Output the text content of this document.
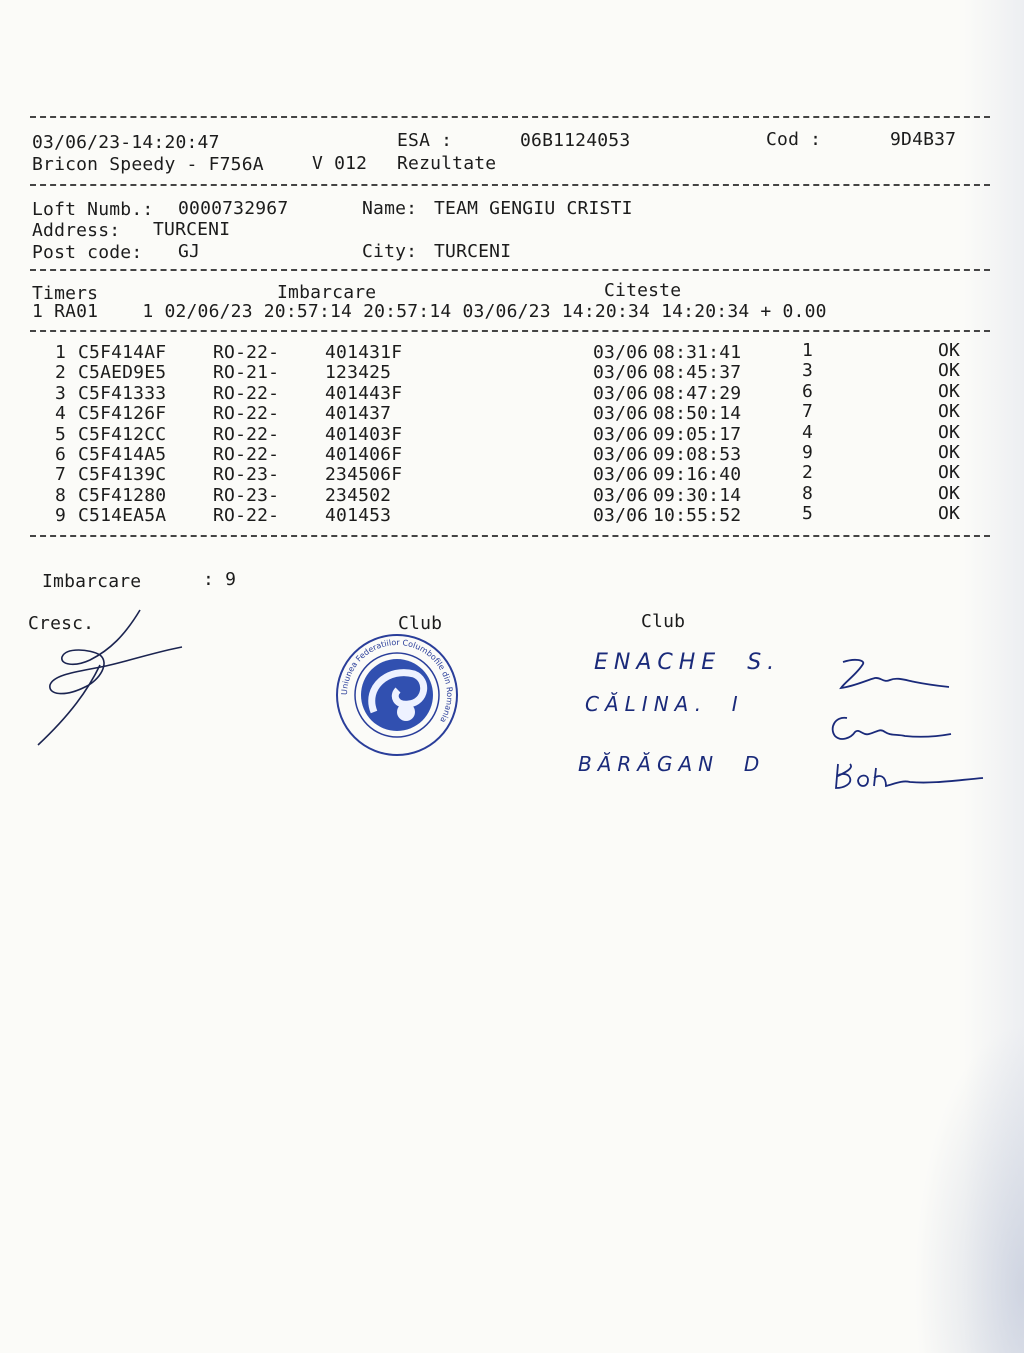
03/06/23-14:20:47	ESA :	06B1124053	Cod :	9D4B37
Bricon Speedy - F756A	V 012 Rezultate
Loft Numb.: 0000732967	Name: TEAM GENGIU CRISTI
Address: TURCENI
Post code: GJ	City: TURCENI
Timers	Imbarcare	Citeste
1 RA01    1 02/06/23 20:57:14 20:57:14 03/06/23 14:20:34 14:20:34 + 0.00
1 C5F414AF	RO-22-	401431F	03/06 08:31:41	1	OK
2 C5AED9E5	RO-21-	123425	03/06 08:45:37	3	OK
3 C5F41333	RO-22-	401443F	03/06 08:47:29	6	OK
4 C5F4126F	RO-22-	401437	03/06 08:50:14	7	OK
5 C5F412CC	RO-22-	401403F	03/06 09:05:17	4	OK
6 C5F414A5	RO-22-	401406F	03/06 09:08:53	9	OK
7 C5F4139C	RO-23-	234506F	03/06 09:16:40	2	OK
8 C5F41280	RO-23-	234502	03/06 09:30:14	8	OK
9 C514EA5A	RO-22-	401453	03/06 10:55:52	5	OK
Imbarcare	: 9
Cresc.	Club	Club
Uniunea Federatiilor Columbofile din Romania
ENACHE  S.
CĂLINA.  I
BĂRĂGAN  D
